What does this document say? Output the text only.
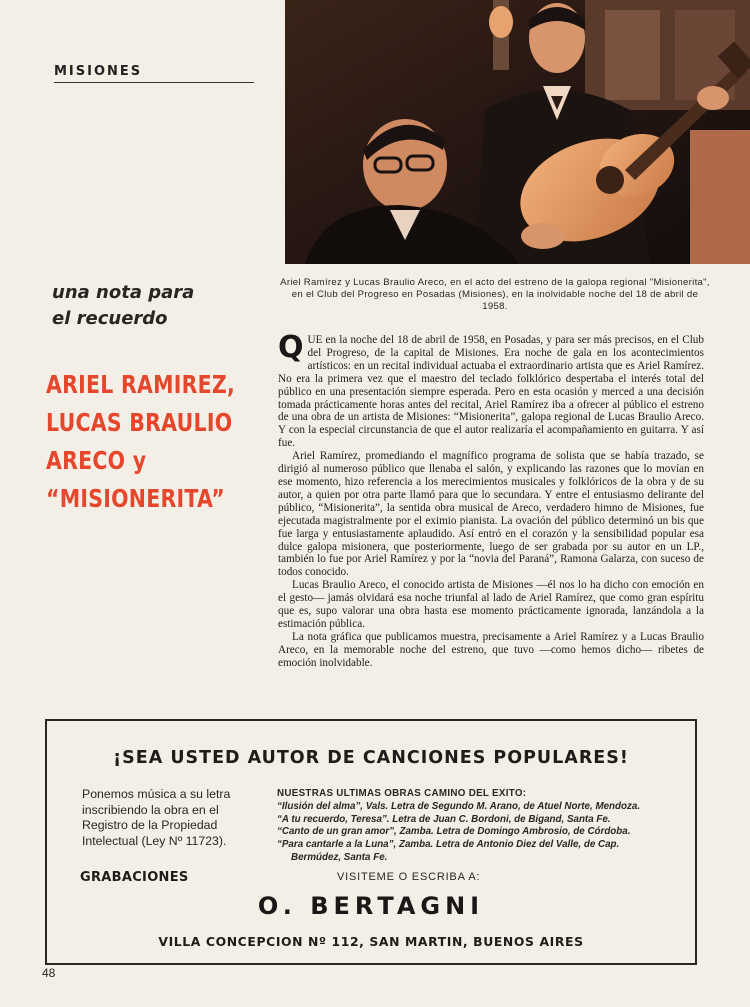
MISIONES
Ariel Ramírez y Lucas Braulio Areco, en el acto del estreno de la galopa regional "Misionerita", en el Club del Progreso en Posadas (Misiones), en la inolvidable noche del 18 de abril de 1958.
una nota para
el recuerdo
ARIEL RAMIREZ,
LUCAS BRAULIO
ARECO y
“MISIONERITA”

QUE en la noche del 18 de abril de 1958, en Posadas, y para ser más precisos, en el Club del Progreso, de la capital de Misiones. Era noche de gala en los acontecimientos artísticos: en un recital individual actuaba el extraordinario artista que es Ariel Ramírez. No era la primera vez que el maestro del teclado folklórico despertaba el interés total del público en una presentación siempre esperada. Pero en esta ocasión y merced a una decisión tomada prácticamente horas antes del recital, Ariel Ramírez iba a ofrecer al público el estreno de una obra de un artista de Misiones: “Misionerita”, galopa regional de Lucas Braulio Areco. Y con la especial circunstancia de que el autor realizaría el acompañamiento en guitarra. Y así fue.

Ariel Ramírez, promediando el magnífico programa de solista que se había trazado, se dirigió al numeroso público que llenaba el salón, y explicando las razones que lo movían en ese momento, hizo referencia a los merecimientos musicales y folklóricos de la obra y de su autor, a quien por otra parte llamó para que lo secundara. Y entre el entusiasmo delirante del público, “Misionerita”, la sentida obra musical de Areco, verdadero himno de Misiones, fue ejecutada magistralmente por el eximio pianista. La ovación del público determinó un bis que fue larga y entusiastamente aplaudido. Así entró en el corazón y la sensibilidad popular esa dulce galopa misionera, que posteriormente, luego de ser grabada por su autor en un LP., también lo fue por Ariel Ramírez y por la “novia del Paraná”, Ramona Galarza, con suceso de todos conocido.

Lucas Braulio Areco, el conocido artista de Misiones —él nos lo ha dicho con emoción en el gesto— jamás olvidará esa noche triunfal al lado de Ariel Ramírez, que como gran espíritu que es, supo valorar una obra hasta ese momento prácticamente ignorada, lanzándola a la estimación pública.

La nota gráfica que publicamos muestra, precisamente a Ariel Ramírez y a Lucas Braulio Areco, en la memorable noche del estreno, que tuvo —como hemos dicho— ribetes de emoción inolvidable.

¡SEA USTED AUTOR DE CANCIONES POPULARES!
Ponemos música a su letra inscribiendo la obra en el Registro de la Propiedad Intelectual (Ley Nº 11723).
GRABACIONES
NUESTRAS ULTIMAS OBRAS CAMINO DEL EXITO:
“Ilusión del alma”, Vals. Letra de Segundo M. Arano, de Atuel Norte, Mendoza.
“A tu recuerdo, Teresa”. Letra de Juan C. Bordoni, de Bigand, Santa Fe.
“Canto de un gran amor”, Zamba. Letra de Domingo Ambrosio, de Córdoba.
“Para cantarle a la Luna”, Zamba. Letra de Antonio Diez del Valle, de Cap.
Bermúdez, Santa Fe.
VISITEME O ESCRIBA A:
O. BERTAGNI
VILLA CONCEPCION Nº 112, SAN MARTIN, BUENOS AIRES
48
